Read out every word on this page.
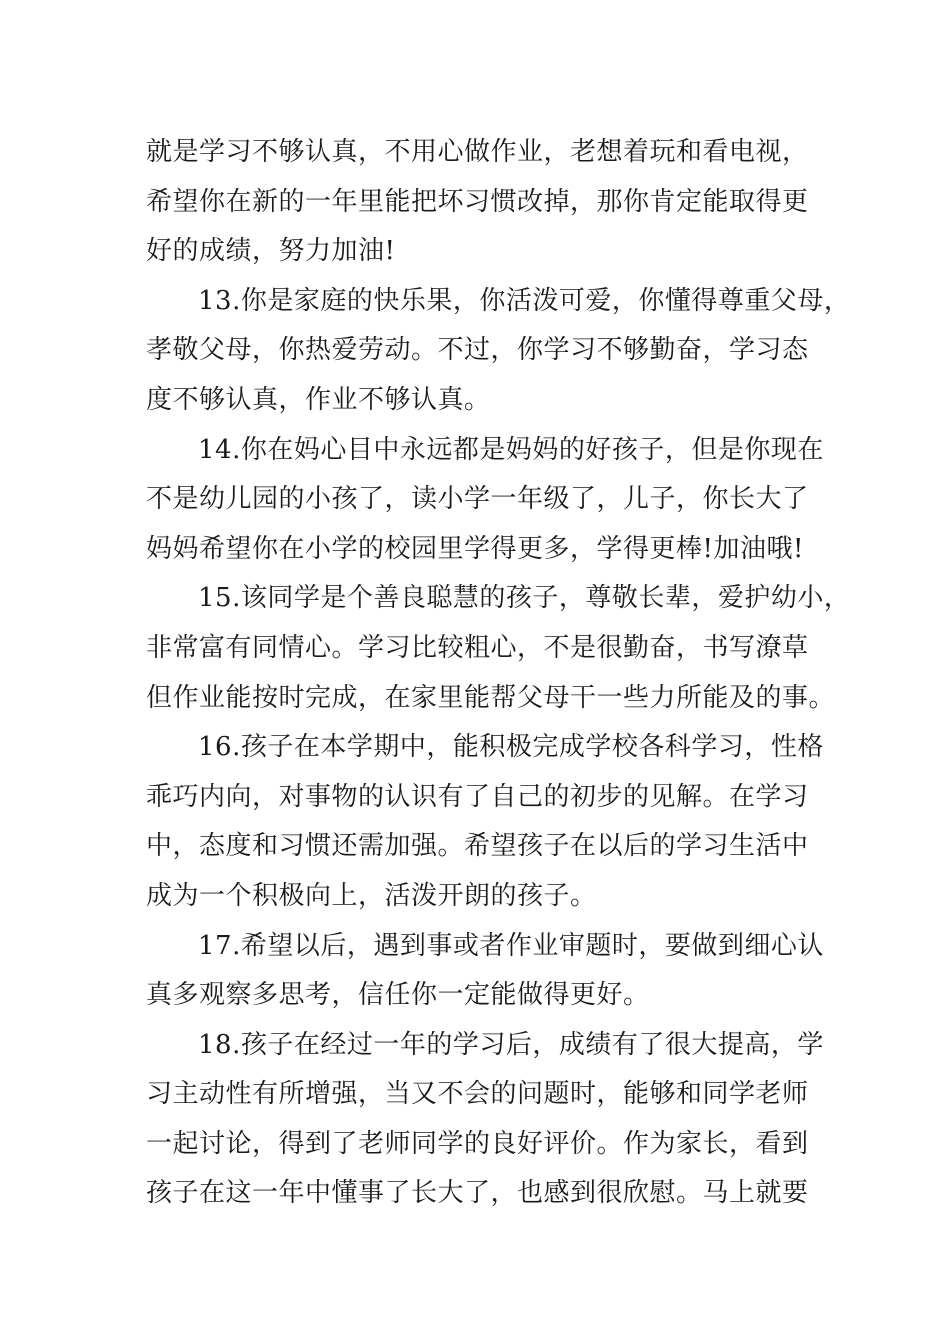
就是学习不够认真，不用心做作业，老想着玩和看电视，
希望你在新的一年里能把坏习惯改掉，那你肯定能取得更
好的成绩，努力加油!
13.你是家庭的快乐果，你活泼可爱，你懂得尊重父母，
孝敬父母，你热爱劳动。不过，你学习不够勤奋，学习态
度不够认真，作业不够认真。
14.你在妈心目中永远都是妈妈的好孩子，但是你现在
不是幼儿园的小孩了，读小学一年级了，儿子，你长大了
妈妈希望你在小学的校园里学得更多，学得更棒!加油哦!
15.该同学是个善良聪慧的孩子，尊敬长辈，爱护幼小，
非常富有同情心。学习比较粗心，不是很勤奋，书写潦草
但作业能按时完成，在家里能帮父母干一些力所能及的事。
16.孩子在本学期中，能积极完成学校各科学习，性格
乖巧内向，对事物的认识有了自己的初步的见解。在学习
中，态度和习惯还需加强。希望孩子在以后的学习生活中
成为一个积极向上，活泼开朗的孩子。
17.希望以后，遇到事或者作业审题时，要做到细心认
真多观察多思考，信任你一定能做得更好。
18.孩子在经过一年的学习后，成绩有了很大提高，学
习主动性有所增强，当又不会的问题时，能够和同学老师
一起讨论，得到了老师同学的良好评价。作为家长，看到
孩子在这一年中懂事了长大了，也感到很欣慰。马上就要
